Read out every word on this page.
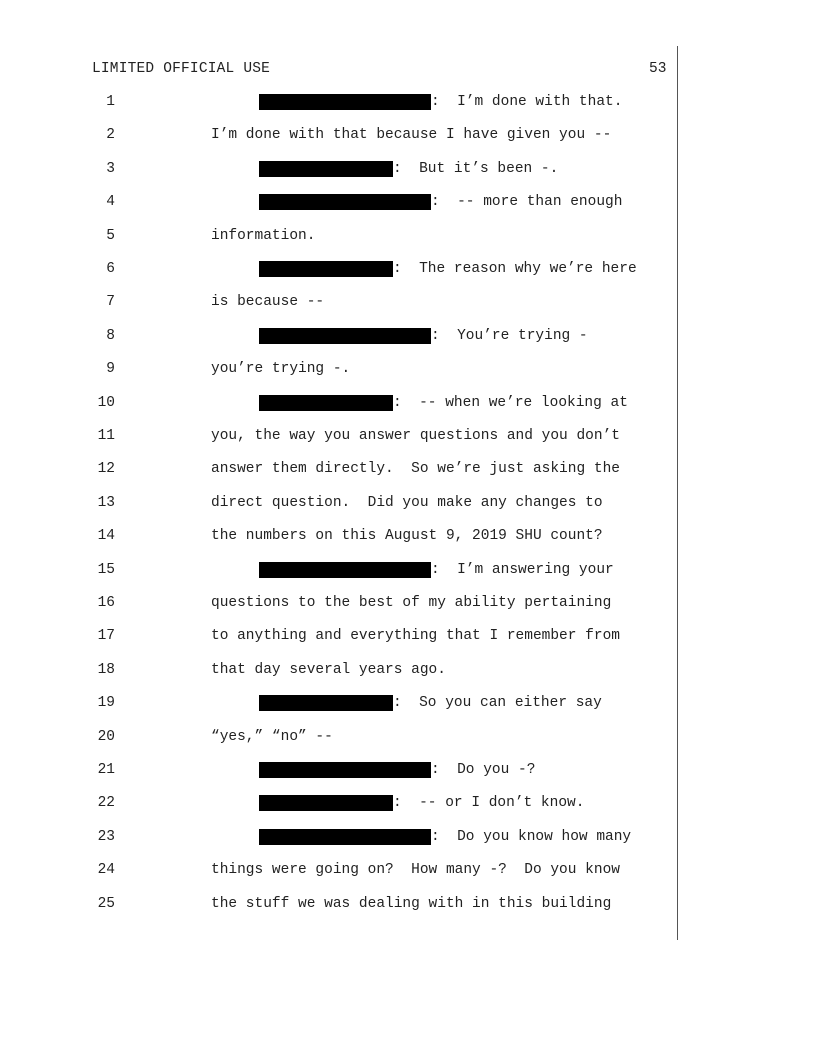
LIMITED OFFICIAL USE	53
1	:  I’m done with that.
2	I’m done with that because I have given you --
3	:  But it’s been -.
4	:  -- more than enough
5	information.
6	:  The reason why we’re here
7	is because --
8	:  You’re trying -
9	you’re trying -.
10	:  -- when we’re looking at
11	you, the way you answer questions and you don’t
12	answer them directly.  So we’re just asking the
13	direct question.  Did you make any changes to
14	the numbers on this August 9, 2019 SHU count?
15	:  I’m answering your
16	questions to the best of my ability pertaining
17	to anything and everything that I remember from
18	that day several years ago.
19	:  So you can either say
20	“yes,” “no” --
21	:  Do you -?
22	:  -- or I don’t know.
23	:  Do you know how many
24	things were going on?  How many -?  Do you know
25	the stuff we was dealing with in this building
